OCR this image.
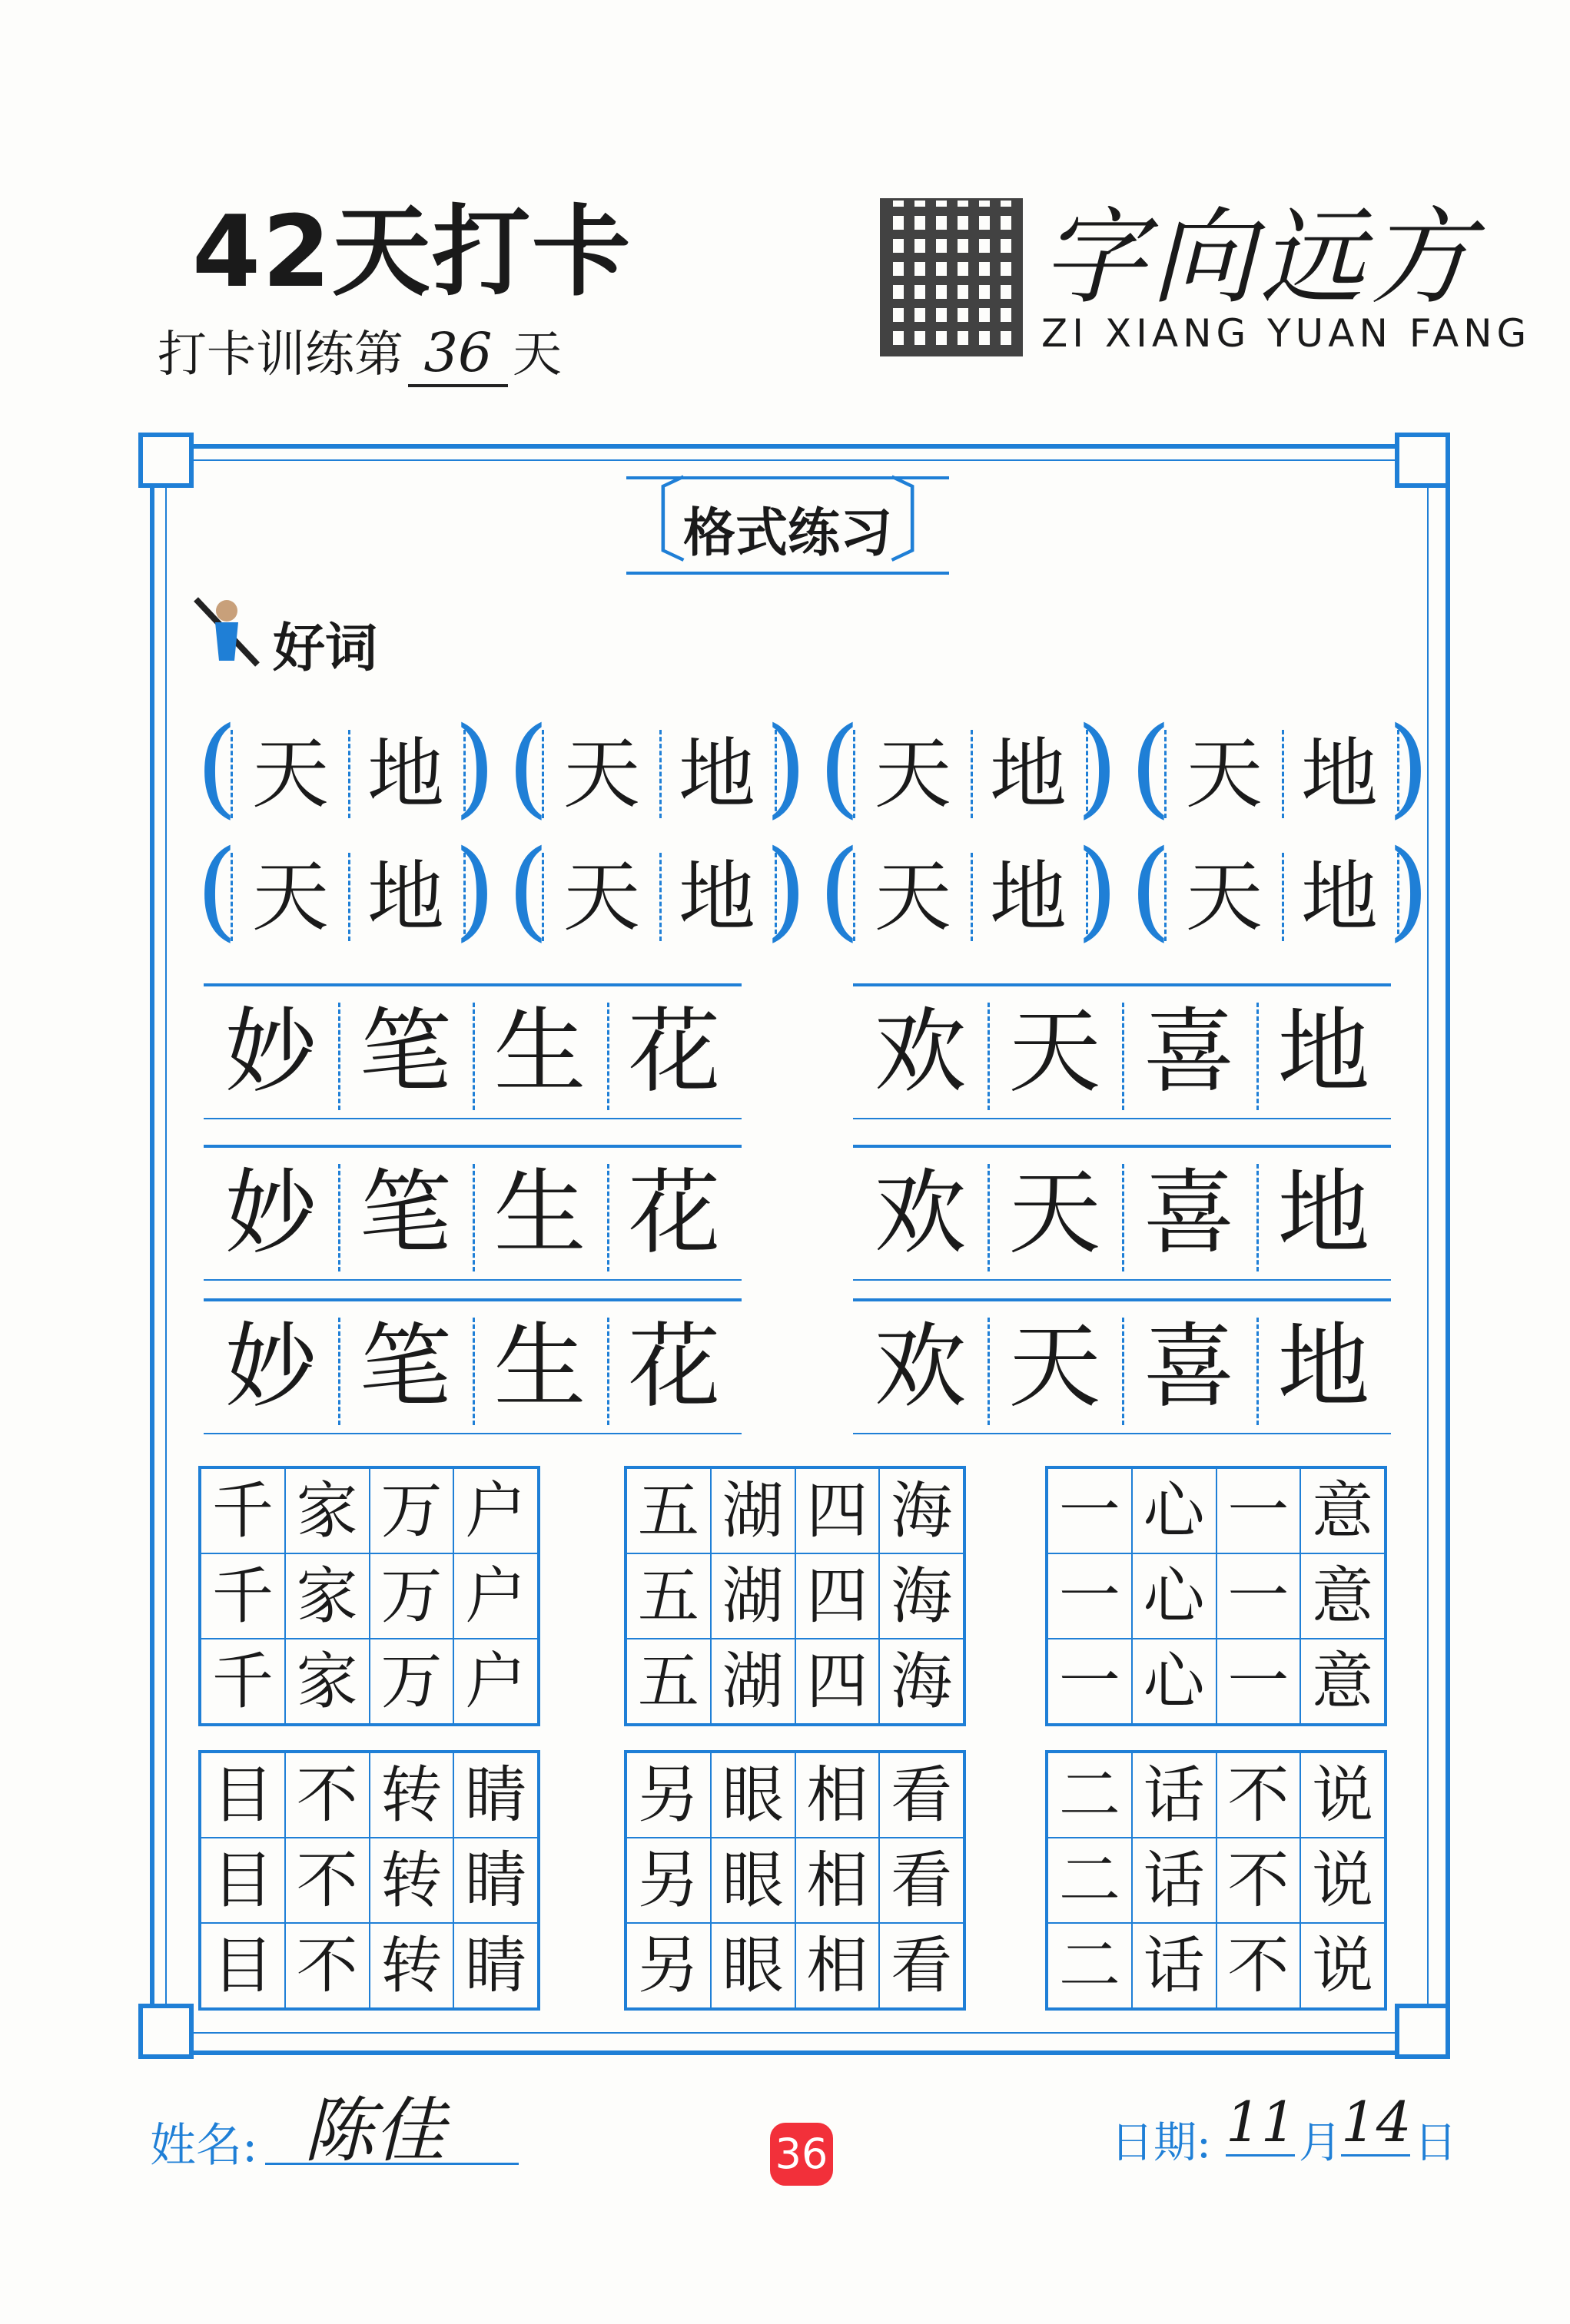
42天打卡
打卡训练第 36 天
字向远方
ZI XIANG YUAN FANG
〔
格式练习
〕
好词
( 天 地 ) ( 天 地 ) ( 天 地 ) ( 天 地 )
( 天 地 ) ( 天 地 ) ( 天 地 ) ( 天 地 )
妙 笔 生 花
妙 笔 生 花
妙 笔 生 花
欢 天 喜 地
欢 天 喜 地
欢 天 喜 地
千	家	万	户
千	家	万	户
千	家	万	户
五	湖	四	海
五	湖	四	海
五	湖	四	海
一	心	一	意
一	心	一	意
一	心	一	意
目	不	转	睛
目	不	转	睛
目	不	转	睛
另	眼	相	看
另	眼	相	看
另	眼	相	看
二	话	不	说
二	话	不	说
二	话	不	说
姓名: 陈佳	36	日期: 11 月 14 日
